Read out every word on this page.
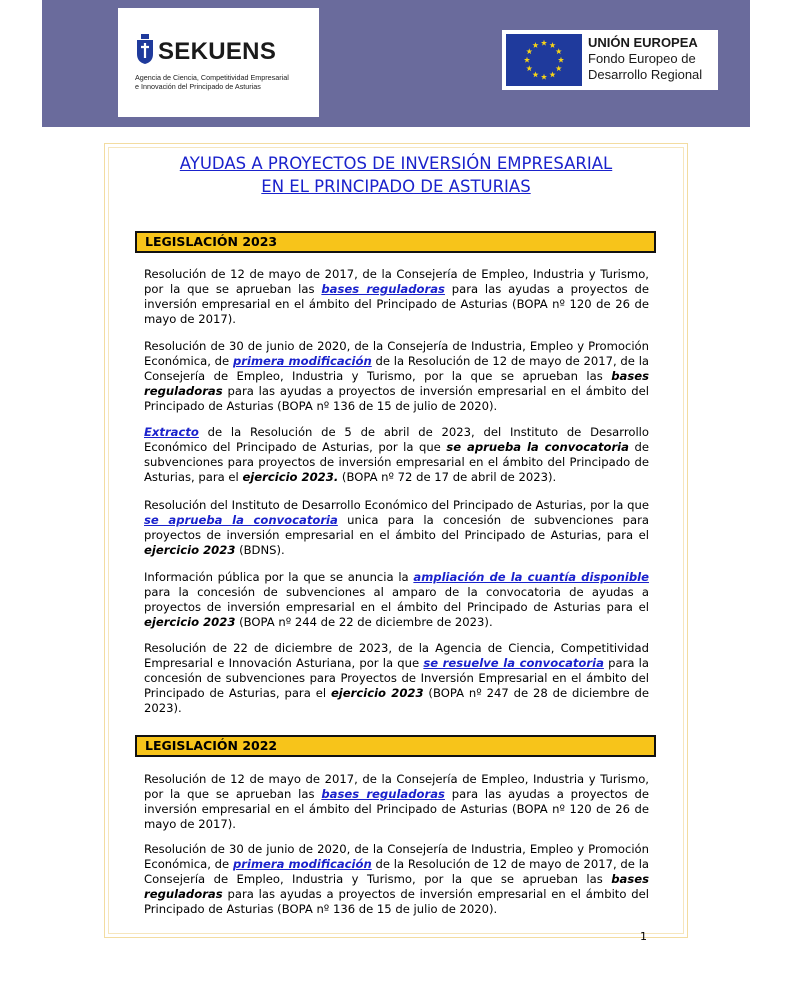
SEKUENS
Agencia de Ciencia, Competitividad Empresarial
e Innovación del Principado de Asturias
UNIÓN EUROPEA
Fondo Europeo de
Desarrollo Regional
AYUDAS A PROYECTOS DE INVERSIÓN EMPRESARIAL
EN EL PRINCIPADO DE ASTURIAS
LEGISLACIÓN 2023

Resolución de 12 de mayo de 2017, de la Consejería de Empleo, Industria y Turismo, por la que se aprueban las bases reguladoras para las ayudas a proyectos de inversión empresarial en el ámbito del Principado de Asturias (BOPA nº 120 de 26 de mayo de 2017).

Resolución de 30 de junio de 2020, de la Consejería de Industria, Empleo y Promoción Económica, de primera modificación de la Resolución de 12 de mayo de 2017, de la Consejería de Empleo, Industria y Turismo, por la que se aprueban las bases reguladoras para las ayudas a proyectos de inversión empresarial en el ámbito del Principado de Asturias (BOPA nº 136 de 15 de julio de 2020).

Extracto de la Resolución de 5 de abril de 2023, del Instituto de Desarrollo Económico del Principado de Asturias, por la que se aprueba la convocatoria de subvenciones para proyectos de inversión empresarial en el ámbito del Principado de Asturias, para el ejercicio 2023. (BOPA nº 72 de 17 de abril de 2023).

Resolución del Instituto de Desarrollo Económico del Principado de Asturias, por la que se aprueba la convocatoria unica para la concesión de subvenciones para proyectos de inversión empresarial en el ámbito del Principado de Asturias, para el ejercicio 2023 (BDNS).

Información pública por la que se anuncia la ampliación de la cuantía disponible para la concesión de subvenciones al amparo de la convocatoria de ayudas a proyectos de inversión empresarial en el ámbito del Principado de Asturias para el ejercicio 2023 (BOPA nº 244 de 22 de diciembre de 2023).

Resolución de 22 de diciembre de 2023, de la Agencia de Ciencia, Competitividad Empresarial e Innovación Asturiana, por la que se resuelve la convocatoria para la concesión de subvenciones para Proyectos de Inversión Empresarial en el ámbito del Principado de Asturias, para el ejercicio 2023 (BOPA nº 247 de 28 de diciembre de 2023).

LEGISLACIÓN 2022

Resolución de 12 de mayo de 2017, de la Consejería de Empleo, Industria y Turismo, por la que se aprueban las bases reguladoras para las ayudas a proyectos de inversión empresarial en el ámbito del Principado de Asturias (BOPA nº 120 de 26 de mayo de 2017).

Resolución de 30 de junio de 2020, de la Consejería de Industria, Empleo y Promoción Económica, de primera modificación de la Resolución de 12 de mayo de 2017, de la Consejería de Empleo, Industria y Turismo, por la que se aprueban las bases reguladoras para las ayudas a proyectos de inversión empresarial en el ámbito del Principado de Asturias (BOPA nº 136 de 15 de julio de 2020).

1
